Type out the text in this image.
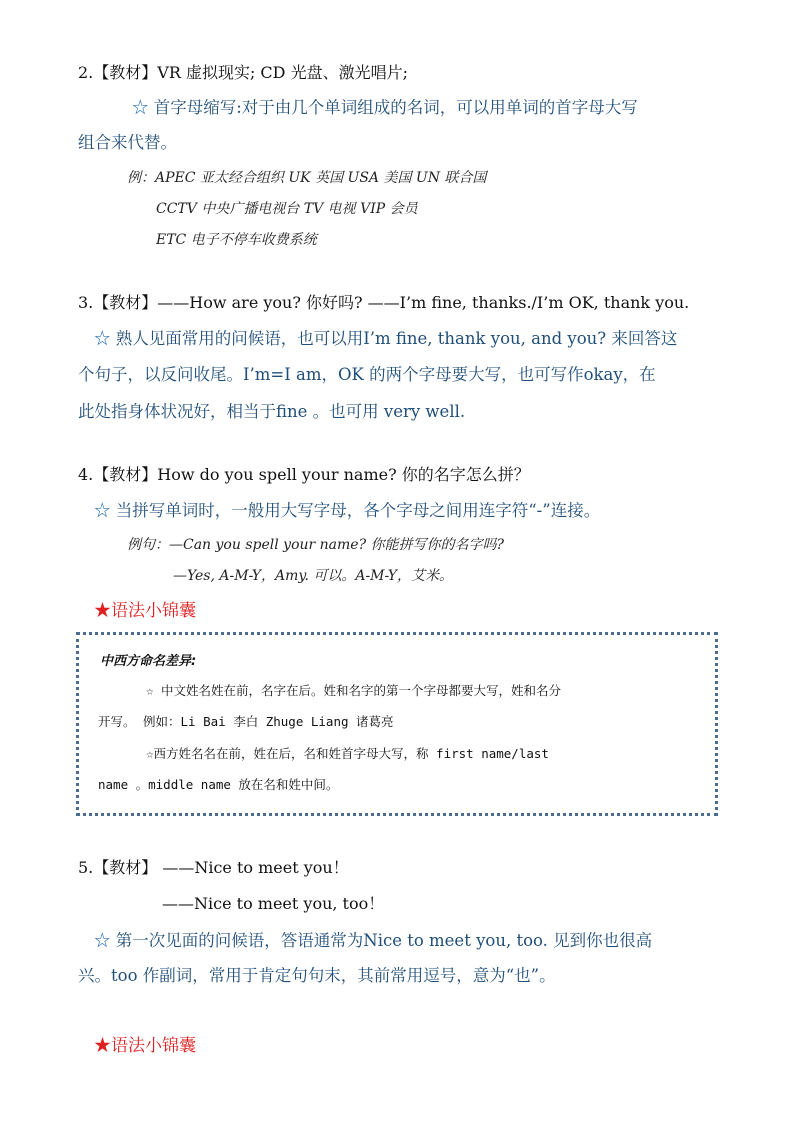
2.【教材】VR 虚拟现实; CD 光盘、激光唱片;
☆ 首字母缩写:对于由几个单词组成的名词，可以用单词的首字母大写
组合来代替。
例：APEC 亚太经合组织 UK 英国 USA 美国 UN 联合国
CCTV 中央广播电视台 TV 电视 VIP 会员
ETC 电子不停车收费系统
3.【教材】——How are you? 你好吗? ——I’m fine, thanks./I’m OK, thank you.
☆ 熟人见面常用的问候语，也可以用I’m fine, thank you, and you? 来回答这
个句子，以反问收尾。I’m=I am，OK 的两个字母要大写，也可写作okay，在
此处指身体状况好，相当于fine 。也可用 very well.
4.【教材】How do you spell your name? 你的名字怎么拼？
☆ 当拼写单词时，一般用大写字母，各个字母之间用连字符“-”连接。
例句：—Can you spell your name? 你能拼写你的名字吗?
—Yes, A-M-Y，Amy. 可以。A-M-Y，艾米。
★语法小锦囊
中西方命名差异:
☆ 中文姓名姓在前，名字在后。姓和名字的第一个字母都要大写，姓和名分
开写。 例如：Li Bai 李白 Zhuge Liang 诸葛亮
☆西方姓名名在前，姓在后，名和姓首字母大写，称 first name/last
name 。middle name 放在名和姓中间。
5.【教材】 ——Nice to meet you！
——Nice to meet you, too！
☆ 第一次见面的问候语，答语通常为Nice to meet you, too. 见到你也很高
兴。too 作副词，常用于肯定句句末，其前常用逗号，意为“也”。
★语法小锦囊
